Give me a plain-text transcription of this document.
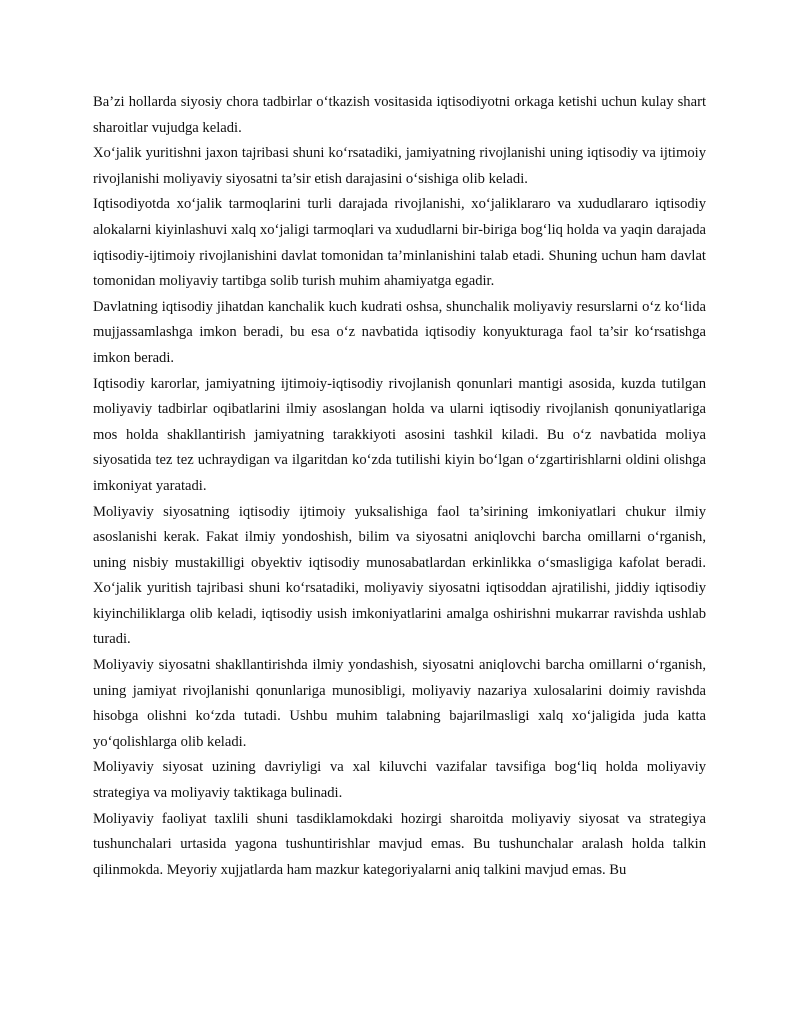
Ba’zi hollarda siyosiy chora tadbirlar o‘tkazish vositasida iqtisodiyotni orkaga ketishi uchun kulay shart sharoitlar vujudga keladi.

Xo‘jalik yuritishni jaxon tajribasi shuni ko‘rsatadiki, jamiyatning rivojlanishi uning iqtisodiy va ijtimoiy rivojlanishi moliyaviy siyosatni ta’sir etish darajasini o‘sishiga olib keladi.

Iqtisodiyotda xo‘jalik tarmoqlarini turli darajada rivojlanishi, xo‘jaliklararo va xududlararo iqtisodiy alokalarni kiyinlashuvi xalq xo‘jaligi tarmoqlari va xududlarni bir-biriga bog‘liq holda va yaqin darajada iqtisodiy-ijtimoiy rivojlanishini davlat tomonidan ta’minlanishini talab etadi. Shuning uchun ham davlat tomonidan moliyaviy tartibga solib turish muhim ahamiyatga egadir.

Davlatning iqtisodiy jihatdan kanchalik kuch kudrati oshsa, shunchalik moliyaviy resurslarni o‘z ko‘lida mujjassamlashga imkon beradi, bu esa o‘z navbatida iqtisodiy konyukturaga faol ta’sir ko‘rsatishga imkon beradi.

Iqtisodiy karorlar, jamiyatning ijtimoiy-iqtisodiy rivojlanish qonunlari mantigi asosida, kuzda tutilgan moliyaviy tadbirlar oqibatlarini ilmiy asoslangan holda va ularni iqtisodiy rivojlanish qonuniyatlariga mos holda shakllantirish jamiyatning tarakkiyoti asosini tashkil kiladi. Bu o‘z navbatida moliya siyosatida tez tez uchraydigan va ilgaritdan ko‘zda tutilishi kiyin bo‘lgan o‘zgartirishlarni oldini olishga imkoniyat yaratadi.

Moliyaviy siyosatning iqtisodiy ijtimoiy yuksalishiga faol ta’sirining imkoniyatlari chukur ilmiy asoslanishi kerak. Fakat ilmiy yondoshish, bilim va siyosatni aniqlovchi barcha omillarni o‘rganish, uning nisbiy mustakilligi obyektiv iqtisodiy munosabatlardan erkinlikka o‘smasligiga kafolat beradi. Xo‘jalik yuritish tajribasi shuni ko‘rsatadiki, moliyaviy siyosatni iqtisoddan ajratilishi, jiddiy iqtisodiy kiyinchiliklarga olib keladi, iqtisodiy usish imkoniyatlarini amalga oshirishni mukarrar ravishda ushlab turadi.

Moliyaviy siyosatni shakllantirishda ilmiy yondashish, siyosatni aniqlovchi barcha omillarni o‘rganish, uning jamiyat rivojlanishi qonunlariga munosibligi, moliyaviy nazariya xulosalarini doimiy ravishda hisobga olishni ko‘zda tutadi. Ushbu muhim talabning bajarilmasligi xalq xo‘jaligida juda katta yo‘qolishlarga olib keladi.

Moliyaviy siyosat uzining davriyligi va xal kiluvchi vazifalar tavsifiga bog‘liq holda moliyaviy strategiya va moliyaviy taktikaga bulinadi.

Moliyaviy faoliyat taxlili shuni tasdiklamokdaki hozirgi sharoitda moliyaviy siyosat va strategiya tushunchalari urtasida yagona tushuntirishlar mavjud emas. Bu tushunchalar aralash holda talkin qilinmokda. Meyoriy xujjatlarda ham mazkur kategoriyalarni aniq talkini mavjud emas. Bu
